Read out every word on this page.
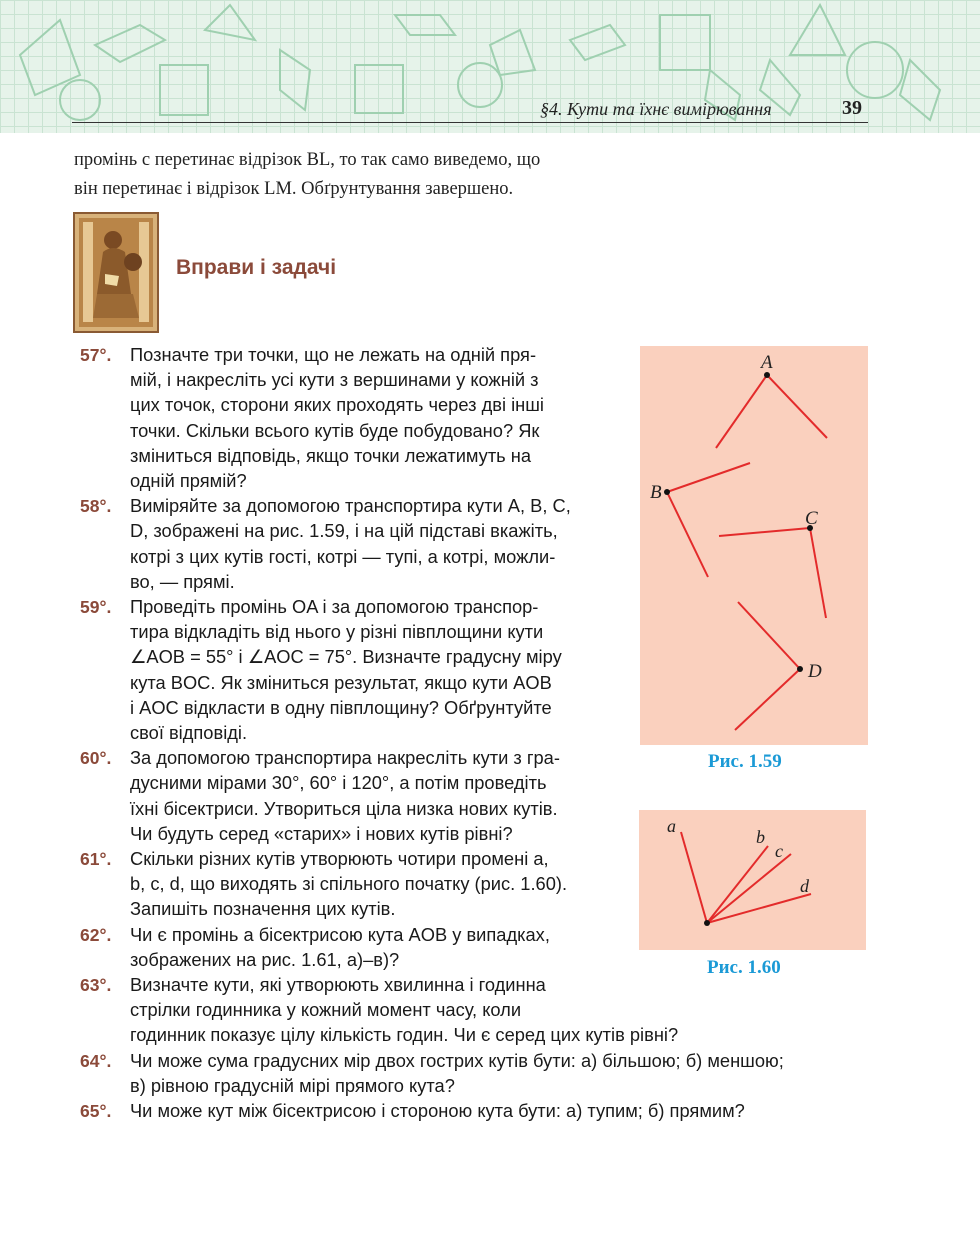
§4. Кути та їхнє вимірювання	39

промінь c перетинає відрізок BL, то так само виведемо, що

він перетинає і відрізок LM. Обґрунтування завершено.

Вправи і задачі
57°. Позначте три точки, що не лежать на одній пря-
мій, і накресліть усі кути з вершинами у кожній з
цих точок, сторони яких проходять через дві інші
точки. Скільки всього кутів буде побудовано? Як
зміниться відповідь, якщо точки лежатимуть на
одній прямій?
58°. Виміряйте за допомогою транспортира кути A, B, C,
D, зображені на рис. 1.59, і на цій підставі вкажіть,
котрі з цих кутів гості, котрі — тупі, а котрі, можли-
во, — прямі.
59°. Проведіть промінь OA і за допомогою транспор-
тира відкладіть від нього у різні півплощини кути
∠AOB = 55° і ∠AOC = 75°. Визначте градусну міру
кута BOC. Як зміниться результат, якщо кути AOB
і AOC відкласти в одну півплощину? Обґрунтуйте
свої відповіді.
60°. За допомогою транспортира накресліть кути з гра-
дусними мірами 30°, 60° і 120°, а потім проведіть
їхні бісектриси. Утвориться ціла низка нових кутів.
Чи будуть серед «старих» і нових кутів рівні?
61°. Скільки різних кутів утворюють чотири промені a,
b, c, d, що виходять зі спільного початку (рис. 1.60).
Запишіть позначення цих кутів.
62°. Чи є промінь a бісектрисою кута AOB у випадках,
зображених на рис. 1.61, а)–в)?
63°. Визначте кути, які утворюють хвилинна і годинна
стрілки годинника у кожний момент часу, коли
годинник показує цілу кількість годин. Чи є серед цих кутів рівні?
64°. Чи може сума градусних мір двох гострих кутів бути: а) більшою; б) меншою;
в) рівною градусній мірі прямого кута?
65°. Чи може кут між бісектрисою і стороною кута бути: а) тупим; б) прямим?
A
B
C
D
Рис. 1.59
a
b
c
d
Рис. 1.60
